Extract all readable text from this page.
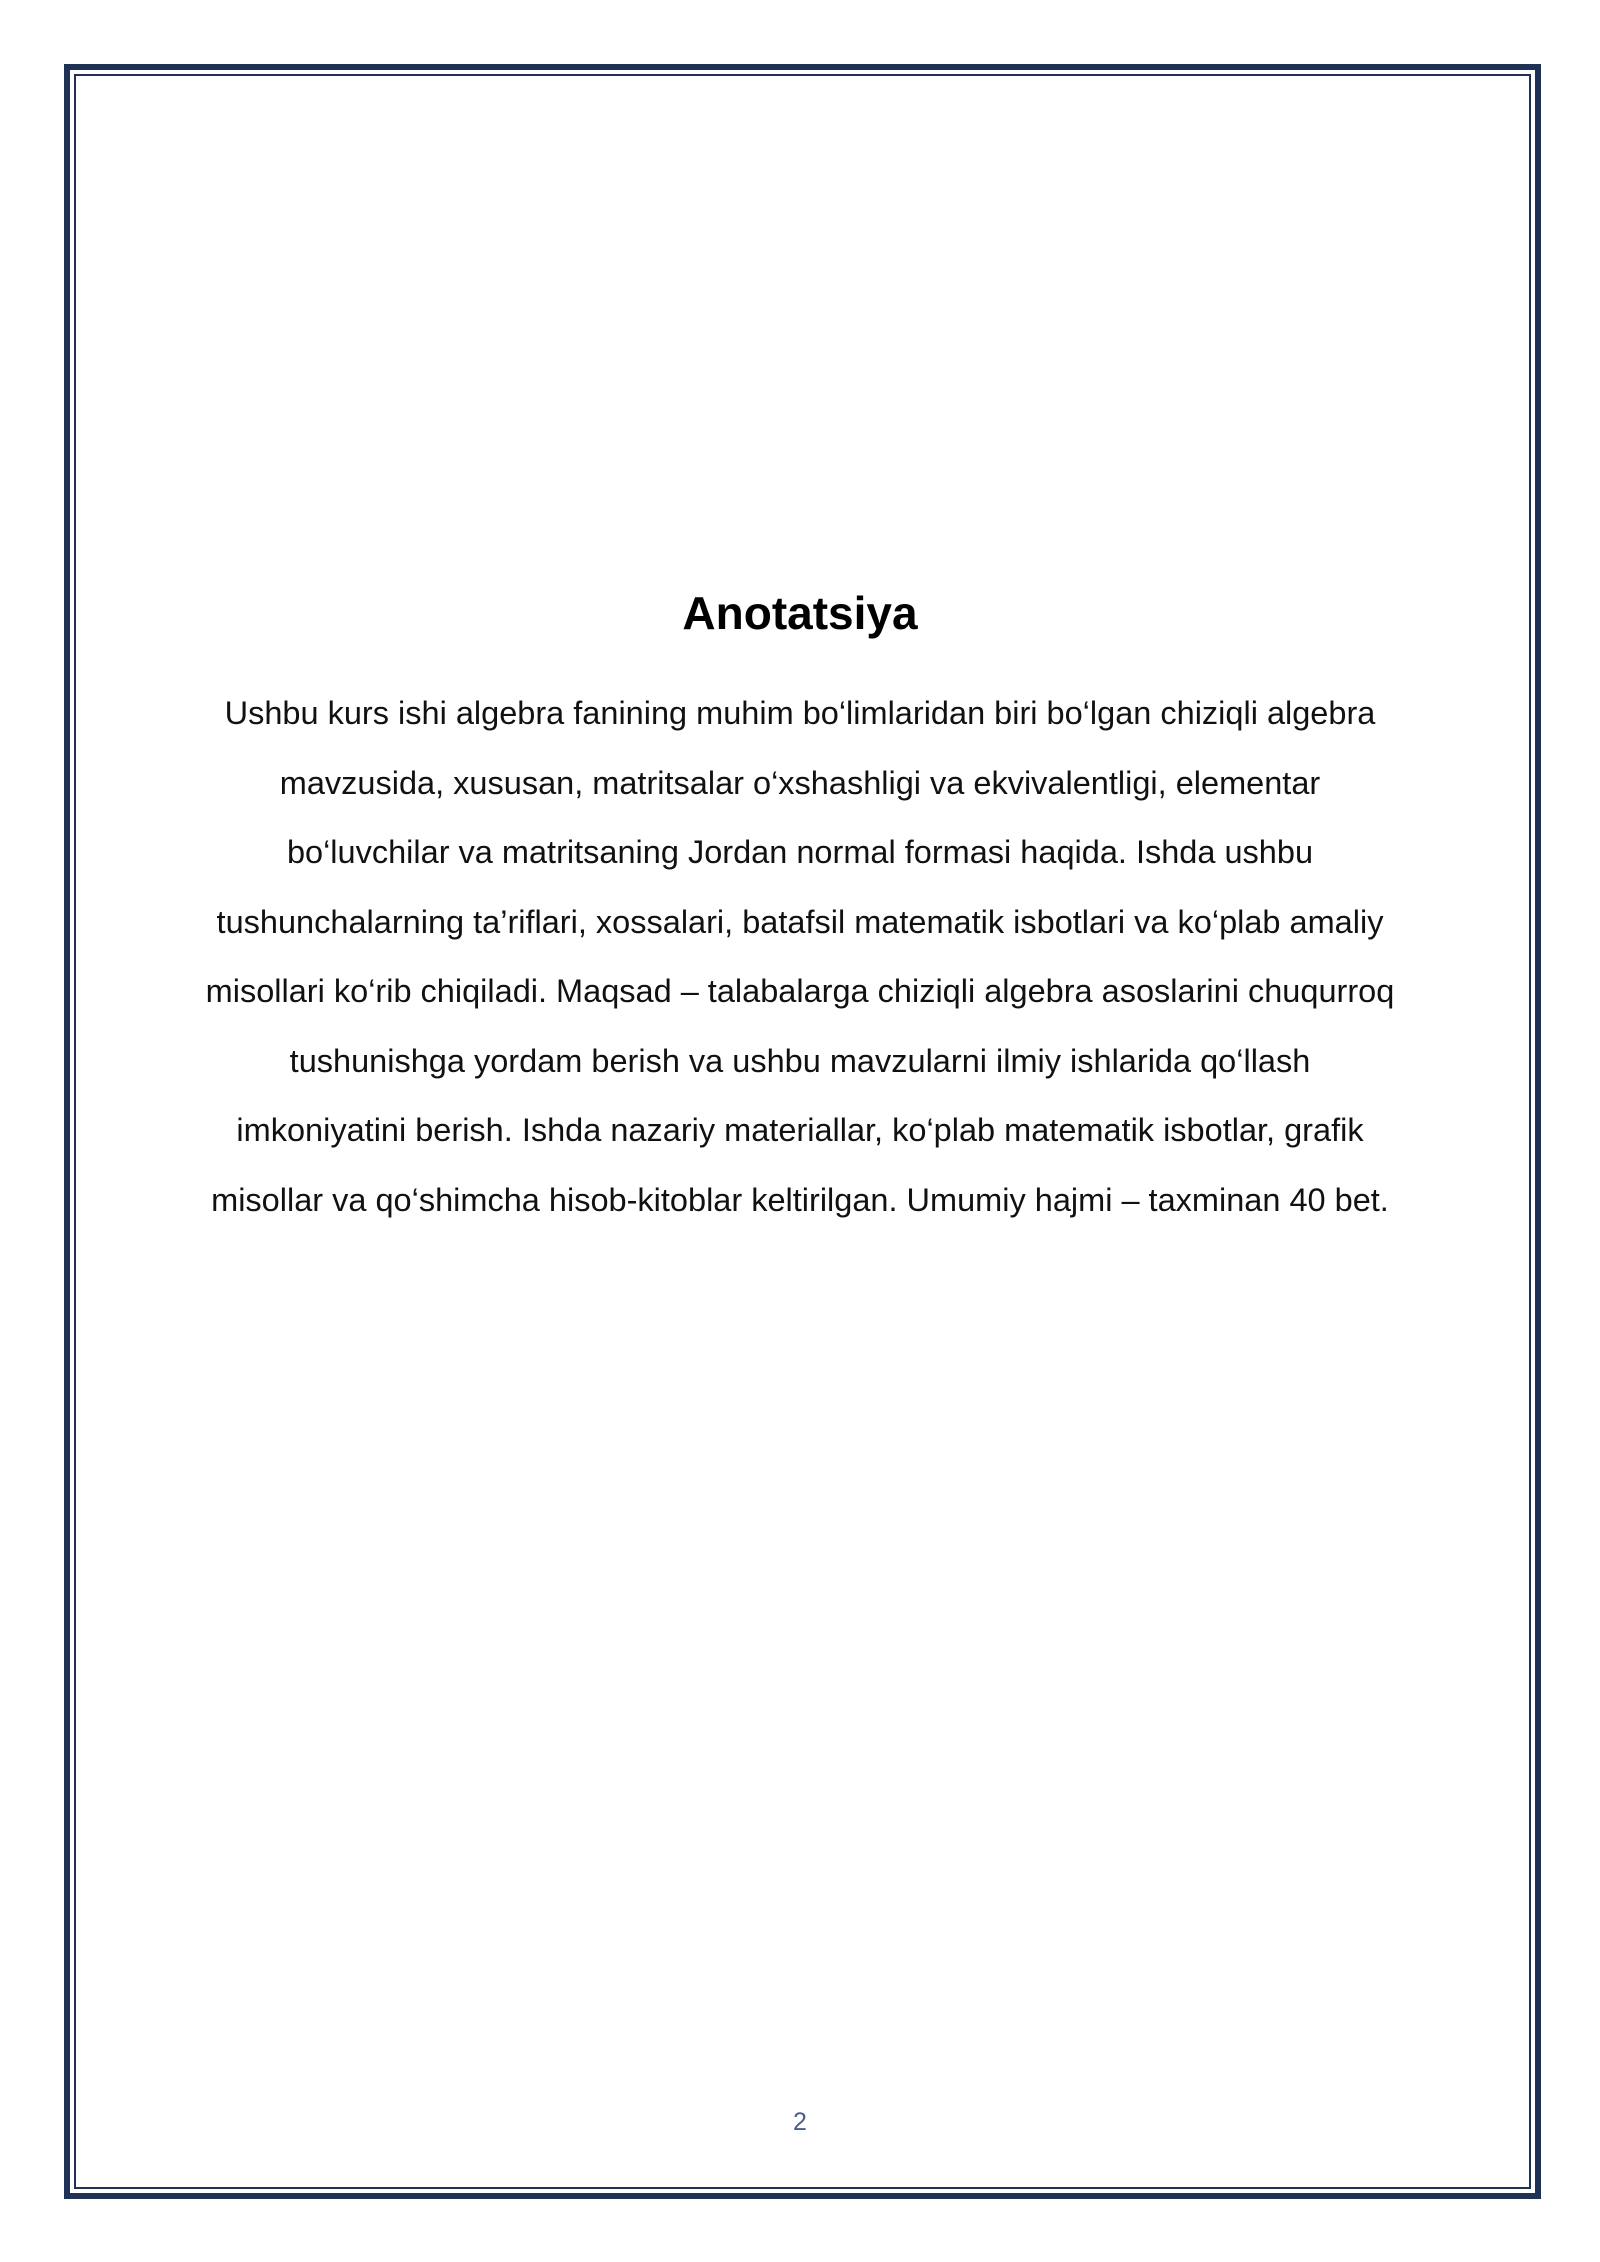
Anotatsiya

Ushbu kurs ishi algebra fanining muhim bo‘limlaridan biri bo‘lgan chiziqli algebra
mavzusida, xususan, matritsalar o‘xshashligi va ekvivalentligi, elementar
bo‘luvchilar va matritsaning Jordan normal formasi haqida. Ishda ushbu
tushunchalarning ta’riflari, xossalari, batafsil matematik isbotlari va ko‘plab amaliy
misollari ko‘rib chiqiladi. Maqsad – talabalarga chiziqli algebra asoslarini chuqurroq
tushunishga yordam berish va ushbu mavzularni ilmiy ishlarida qo‘llash
imkoniyatini berish. Ishda nazariy materiallar, ko‘plab matematik isbotlar, grafik
misollar va qo‘shimcha hisob-kitoblar keltirilgan. Umumiy hajmi – taxminan 40 bet.

2
